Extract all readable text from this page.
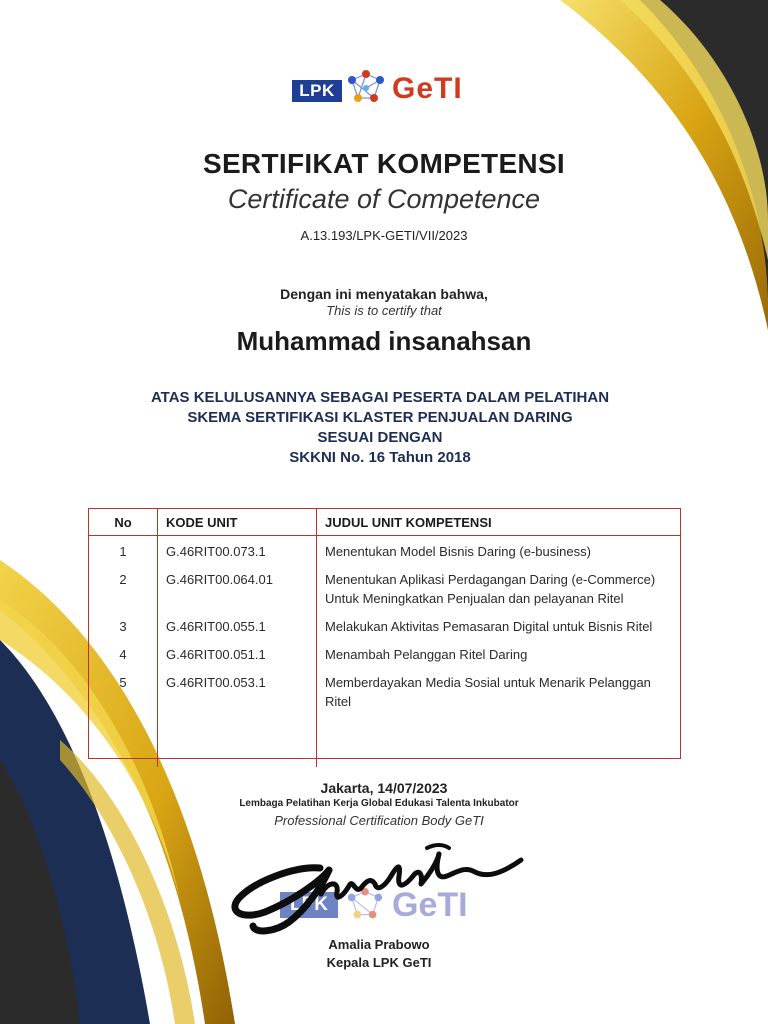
LPK GeTI
SERTIFIKAT KOMPETENSI
Certificate of Competence
A.13.193/LPK-GETI/VII/2023
Dengan ini menyatakan bahwa,
This is to certify that
Muhammad insanahsan
ATAS KELULUSANNYA SEBAGAI PESERTA DALAM PELATIHAN
SKEMA SERTIFIKASI KLASTER PENJUALAN DARING
SESUAI DENGAN
SKKNI No. 16 Tahun 2018
No	KODE UNIT	JUDUL UNIT KOMPETENSI
1	G.46RIT00.073.1	Menentukan Model Bisnis Daring (e-business)
2	G.46RIT00.064.01	Menentukan Aplikasi Perdagangan Daring (e-Commerce) Untuk Meningkatkan Penjualan dan pelayanan Ritel
3	G.46RIT00.055.1	Melakukan Aktivitas Pemasaran Digital untuk Bisnis Ritel
4	G.46RIT00.051.1	Menambah Pelanggan Ritel Daring
5	G.46RIT00.053.1	Memberdayakan Media Sosial untuk Menarik Pelanggan Ritel

Jakarta, 14/07/2023
Lembaga Pelatihan Kerja Global Edukasi Talenta Inkubator
Professional Certification Body GeTI
LPK GeTI
Amalia Prabowo
Kepala LPK GeTI
